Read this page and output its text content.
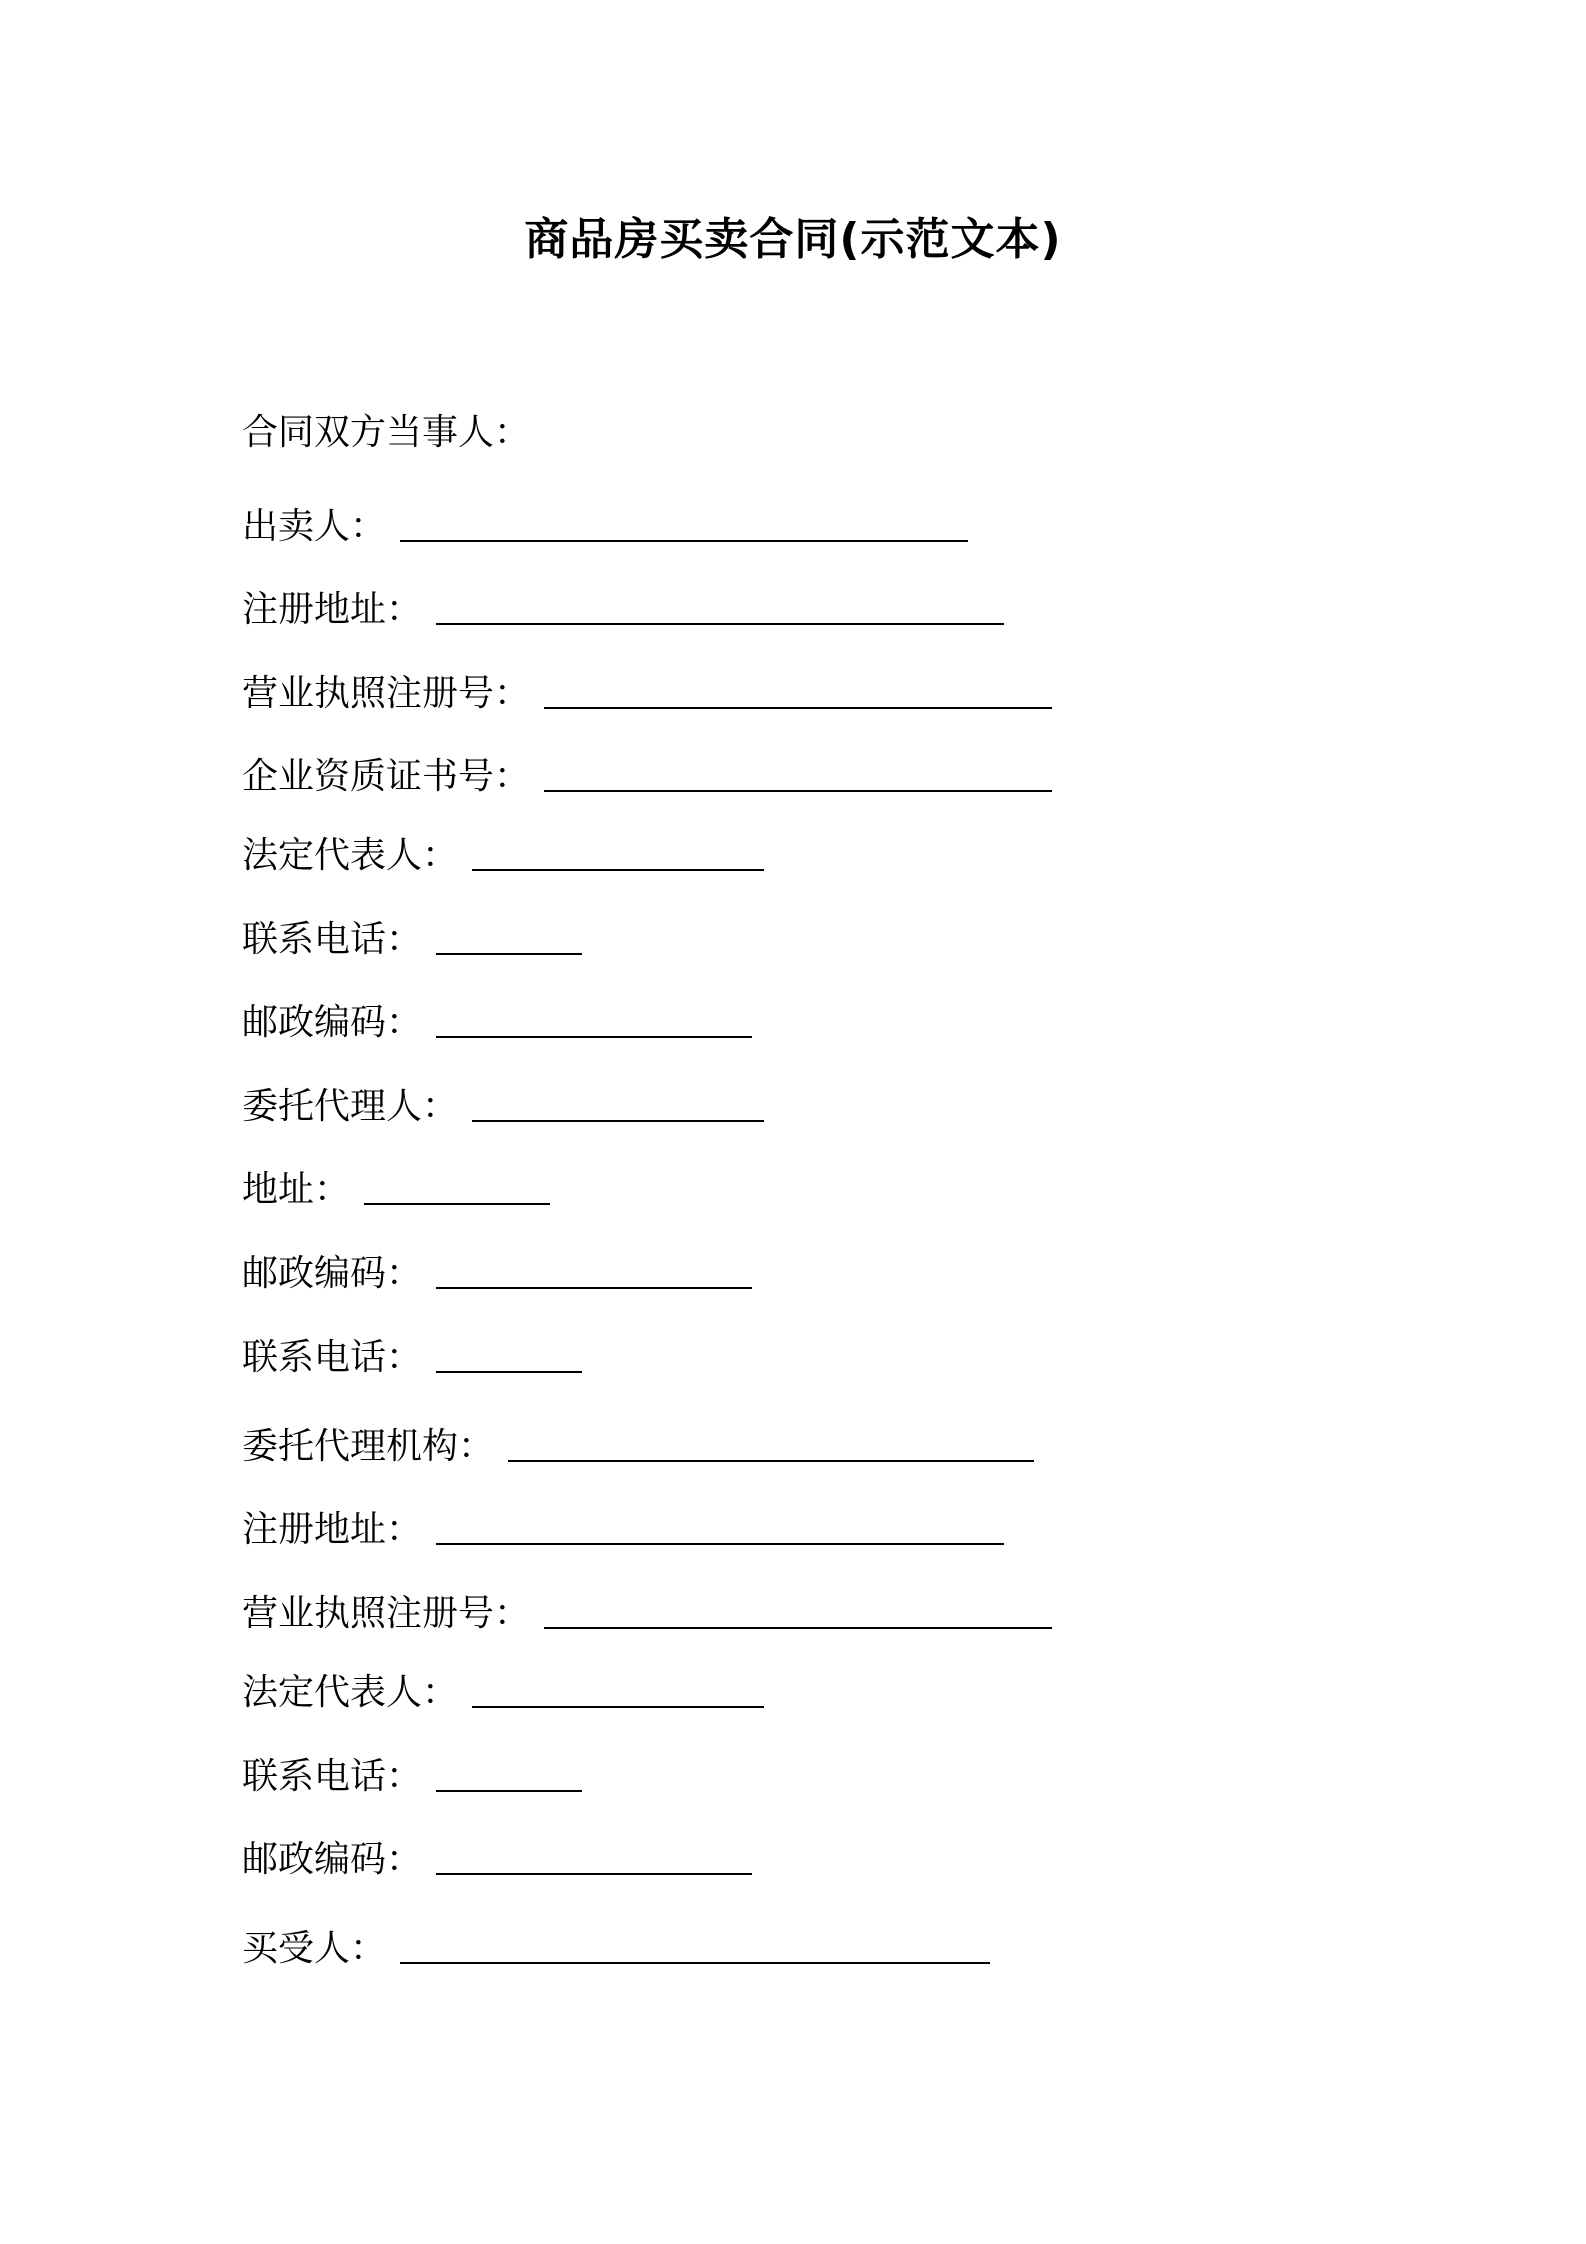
商品房买卖合同(示范文本)
合同双方当事人：
出卖人：
注册地址：
营业执照注册号：
企业资质证书号：
法定代表人：
联系电话：
邮政编码：
委托代理人：
地址：
邮政编码：
联系电话：
委托代理机构：
注册地址：
营业执照注册号：
法定代表人：
联系电话：
邮政编码：
买受人：
